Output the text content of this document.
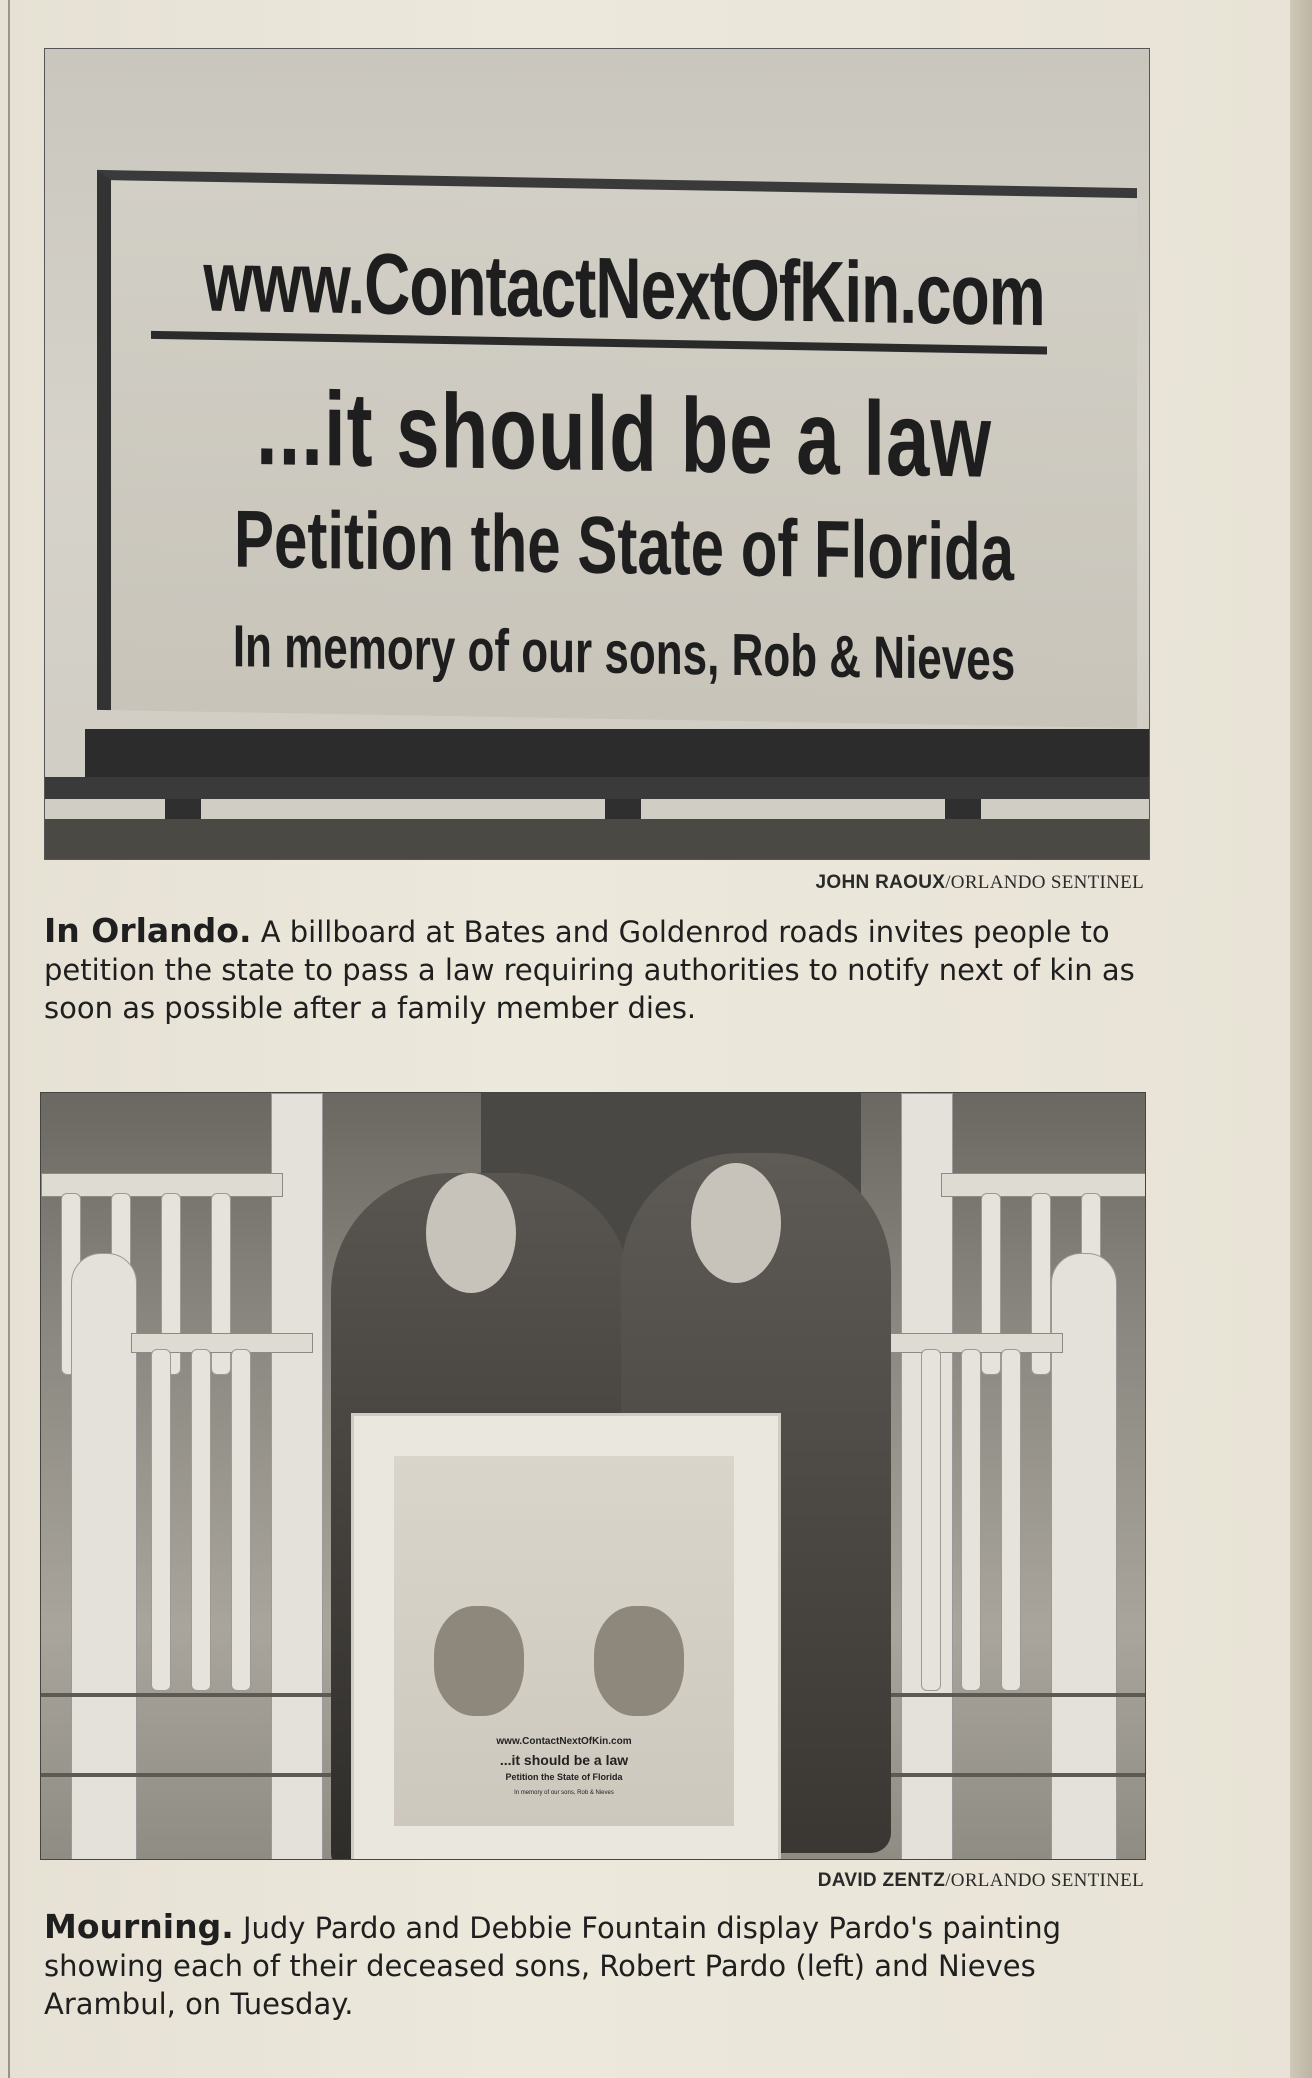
www.ContactNextOfKin.com
...it should be a law
Petition the State of Florida
In memory of our sons, Rob & Nieves
JOHN RAOUX/ORLANDO SENTINEL
In Orlando. A billboard at Bates and Goldenrod roads invites people to petition the state to pass a law requiring authorities to notify next of kin as soon as possible after a family member dies.
www.ContactNextOfKin.com
...it should be a law
Petition the State of Florida
In memory of our sons, Rob & Nieves
DAVID ZENTZ/ORLANDO SENTINEL
Mourning. Judy Pardo and Debbie Fountain display Pardo's painting showing each of their deceased sons, Robert Pardo (left) and Nieves Arambul, on Tuesday.
